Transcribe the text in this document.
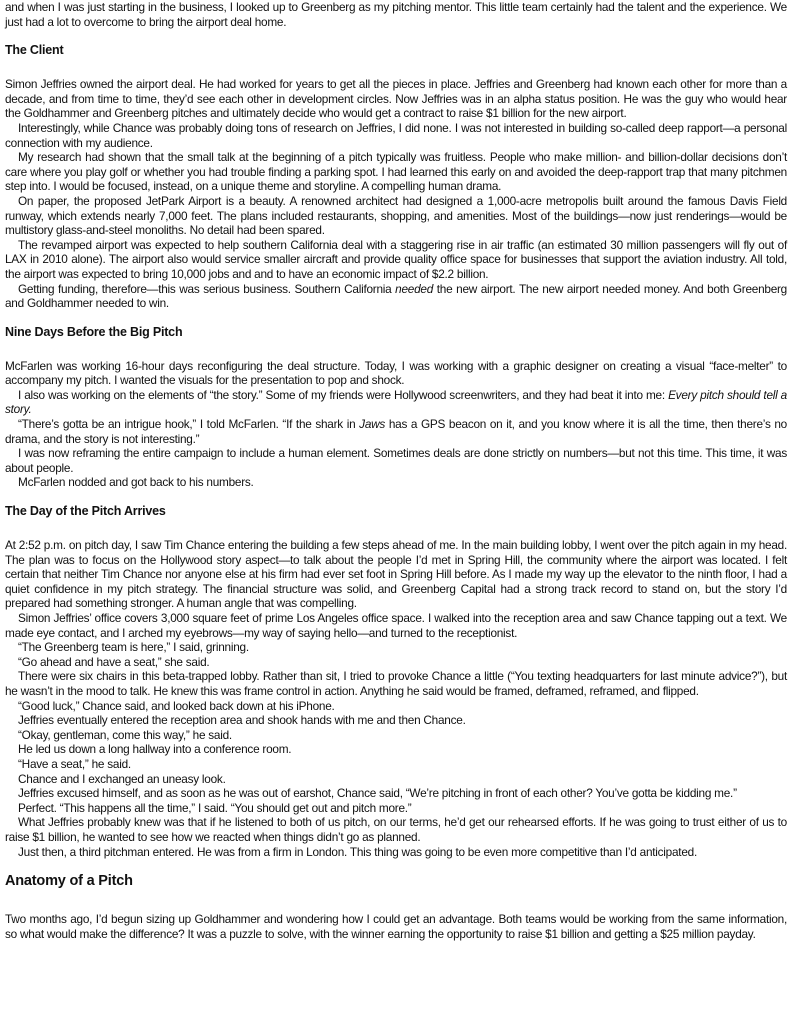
and when I was just starting in the business, I looked up to Greenberg as my pitching mentor. This little team certainly had the talent and the experience. We just had a lot to overcome to bring the airport deal home.

The Client

Simon Jeffries owned the airport deal. He had worked for years to get all the pieces in place. Jeffries and Greenberg had known each other for more than a decade, and from time to time, they’d see each other in development circles. Now Jeffries was in an alpha status position. He was the guy who would hear the Goldhammer and Greenberg pitches and ultimately decide who would get a contract to raise $1 billion for the new airport.

Interestingly, while Chance was probably doing tons of research on Jeffries, I did none. I was not interested in building so-called deep rapport—a personal connection with my audience.

My research had shown that the small talk at the beginning of a pitch typically was fruitless. People who make million- and billion-dollar decisions don’t care where you play golf or whether you had trouble finding a parking spot. I had learned this early on and avoided the deep-rapport trap that many pitchmen step into. I would be focused, instead, on a unique theme and storyline. A compelling human drama.

On paper, the proposed JetPark Airport is a beauty. A renowned architect had designed a 1,000-acre metropolis built around the famous Davis Field runway, which extends nearly 7,000 feet. The plans included restaurants, shopping, and amenities. Most of the buildings—now just renderings—would be multistory glass-and-steel monoliths. No detail had been spared.

The revamped airport was expected to help southern California deal with a staggering rise in air traffic (an estimated 30 million passengers will fly out of LAX in 2010 alone). The airport also would service smaller aircraft and provide quality office space for businesses that support the aviation industry. All told, the airport was expected to bring 10,000 jobs and and to have an economic impact of $2.2 billion.

Getting funding, therefore—this was serious business. Southern California needed the new airport. The new airport needed money. And both Greenberg and Goldhammer needed to win.

Nine Days Before the Big Pitch

McFarlen was working 16-hour days reconfiguring the deal structure. Today, I was working with a graphic designer on creating a visual “face-melter” to accompany my pitch. I wanted the visuals for the presentation to pop and shock.

I also was working on the elements of “the story.” Some of my friends were Hollywood screenwriters, and they had beat it into me: Every pitch should tell a story.

“There’s gotta be an intrigue hook,” I told McFarlen. “If the shark in Jaws has a GPS beacon on it, and you know where it is all the time, then there’s no drama, and the story is not interesting.”

I was now reframing the entire campaign to include a human element. Sometimes deals are done strictly on numbers—but not this time. This time, it was about people.

McFarlen nodded and got back to his numbers.

The Day of the Pitch Arrives

At 2:52 p.m. on pitch day, I saw Tim Chance entering the building a few steps ahead of me. In the main building lobby, I went over the pitch again in my head. The plan was to focus on the Hollywood story aspect—to talk about the people I’d met in Spring Hill, the community where the airport was located. I felt certain that neither Tim Chance nor anyone else at his firm had ever set foot in Spring Hill before. As I made my way up the elevator to the ninth floor, I had a quiet confidence in my pitch strategy. The financial structure was solid, and Greenberg Capital had a strong track record to stand on, but the story I’d prepared had something stronger. A human angle that was compelling.

Simon Jeffries’ office covers 3,000 square feet of prime Los Angeles office space. I walked into the reception area and saw Chance tapping out a text. We made eye contact, and I arched my eyebrows—my way of saying hello—and turned to the receptionist.

“The Greenberg team is here,” I said, grinning.

“Go ahead and have a seat,” she said.

There were six chairs in this beta-trapped lobby. Rather than sit, I tried to provoke Chance a little (“You texting headquarters for last minute advice?”), but he wasn’t in the mood to talk. He knew this was frame control in action. Anything he said would be framed, deframed, reframed, and flipped.

“Good luck,” Chance said, and looked back down at his iPhone.

Jeffries eventually entered the reception area and shook hands with me and then Chance.

“Okay, gentleman, come this way,” he said.

He led us down a long hallway into a conference room.

“Have a seat,” he said.

Chance and I exchanged an uneasy look.

Jeffries excused himself, and as soon as he was out of earshot, Chance said, “We’re pitching in front of each other? You’ve gotta be kidding me.”

Perfect. “This happens all the time,” I said. “You should get out and pitch more.”

What Jeffries probably knew was that if he listened to both of us pitch, on our terms, he’d get our rehearsed efforts. If he was going to trust either of us to raise $1 billion, he wanted to see how we reacted when things didn’t go as planned.

Just then, a third pitchman entered. He was from a firm in London. This thing was going to be even more competitive than I’d anticipated.

Anatomy of a Pitch

Two months ago, I’d begun sizing up Goldhammer and wondering how I could get an advantage. Both teams would be working from the same information, so what would make the difference? It was a puzzle to solve, with the winner earning the opportunity to raise $1 billion and getting a $25 million payday.
